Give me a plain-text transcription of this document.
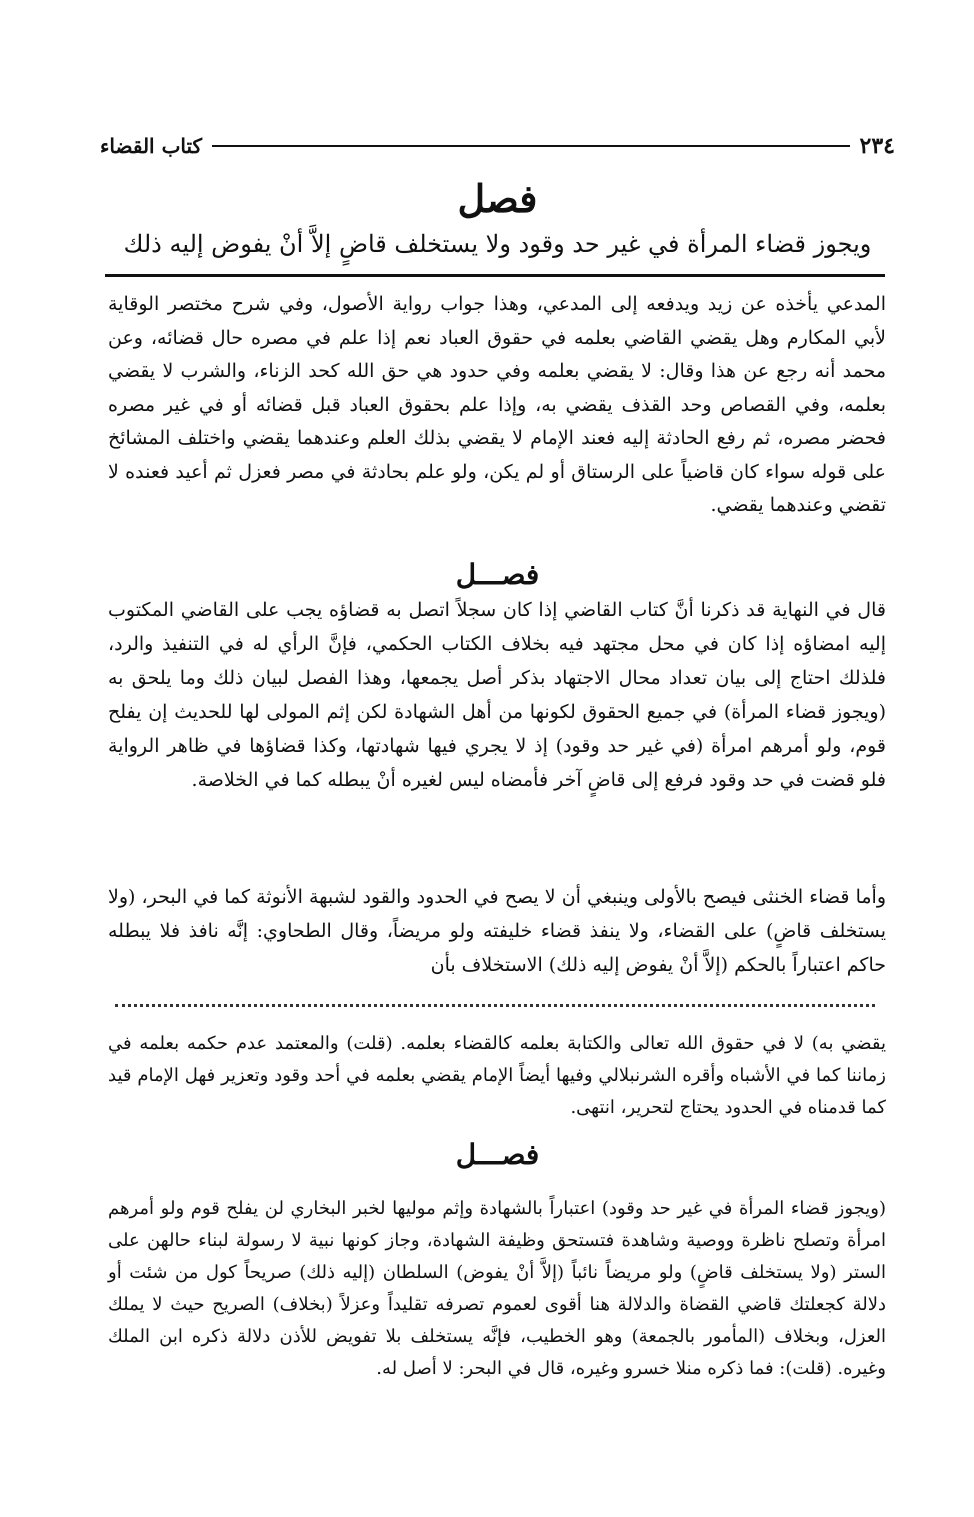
٢٣٤
كتاب القضاء
فصل
ويجوز قضاء المرأة في غير حد وقود ولا يستخلف قاضٍ إلاَّ أنْ يفوض إليه ذلك

المدعي يأخذه عن زيد ويدفعه إلى المدعي، وهذا جواب رواية الأصول، وفي شرح مختصر الوقاية لأبي المكارم وهل يقضي القاضي بعلمه في حقوق العباد نعم إذا علم في مصره حال قضائه، وعن محمد أنه رجع عن هذا وقال: لا يقضي بعلمه وفي حدود هي حق الله كحد الزناء، والشرب لا يقضي بعلمه، وفي القصاص وحد القذف يقضي به، وإذا علم بحقوق العباد قبل قضائه أو في غير مصره فحضر مصره، ثم رفع الحادثة إليه فعند الإمام لا يقضي بذلك العلم وعندهما يقضي واختلف المشائخ على قوله سواء كان قاضياً على الرستاق أو لم يكن، ولو علم بحادثة في مصر فعزل ثم أعيد فعنده لا تقضي وعندهما يقضي.

فصـــل

قال في النهاية قد ذكرنا أنَّ كتاب القاضي إذا كان سجلاً اتصل به قضاؤه يجب على القاضي المكتوب إليه امضاؤه إذا كان في محل مجتهد فيه بخلاف الكتاب الحكمي، فإنَّ الرأي له في التنفيذ والرد، فلذلك احتاج إلى بيان تعداد محال الاجتهاد بذكر أصل يجمعها، وهذا الفصل لبيان ذلك وما يلحق به (ويجوز قضاء المرأة) في جميع الحقوق لكونها من أهل الشهادة لكن إثم المولى لها للحديث إن يفلح قوم، ولو أمرهم امرأة (في غير حد وقود) إذ لا يجري فيها شهادتها، وكذا قضاؤها في ظاهر الرواية فلو قضت في حد وقود فرفع إلى قاضٍ آخر فأمضاه ليس لغيره أنْ يبطله كما في الخلاصة.

وأما قضاء الخنثى فيصح بالأولى وينبغي أن لا يصح في الحدود والقود لشبهة الأنوثة كما في البحر، (ولا يستخلف قاضٍ) على القضاء، ولا ينفذ قضاء خليفته ولو مريضاً، وقال الطحاوي: إنَّه نافذ فلا يبطله حاكم اعتباراً بالحكم (إلاَّ أنْ يفوض إليه ذلك) الاستخلاف بأن

يقضي به) لا في حقوق الله تعالى والكتابة بعلمه كالقضاء بعلمه. (قلت) والمعتمد عدم حكمه بعلمه في زماننا كما في الأشباه وأقره الشرنبلالي وفيها أيضاً الإمام يقضي بعلمه في أحد وقود وتعزير فهل الإمام قيد كما قدمناه في الحدود يحتاج لتحرير، انتهى.

فصـــل

(ويجوز قضاء المرأة في غير حد وقود) اعتباراً بالشهادة وإثم موليها لخبر البخاري لن يفلح قوم ولو أمرهم امرأة وتصلح ناظرة ووصية وشاهدة فتستحق وظيفة الشهادة، وجاز كونها نبية لا رسولة لبناء حالهن على الستر (ولا يستخلف قاضٍ) ولو مريضاً نائباً (إلاَّ أنْ يفوض) السلطان (إليه ذلك) صريحاً كول من شئت أو دلالة كجعلتك قاضي القضاة والدلالة هنا أقوى لعموم تصرفه تقليداً وعزلاً (بخلاف) الصريح حيث لا يملك العزل، وبخلاف (المأمور بالجمعة) وهو الخطيب، فإنَّه يستخلف بلا تفويض للأذن دلالة ذكره ابن الملك وغيره. (قلت): فما ذكره منلا خسرو وغيره، قال في البحر: لا أصل له.
